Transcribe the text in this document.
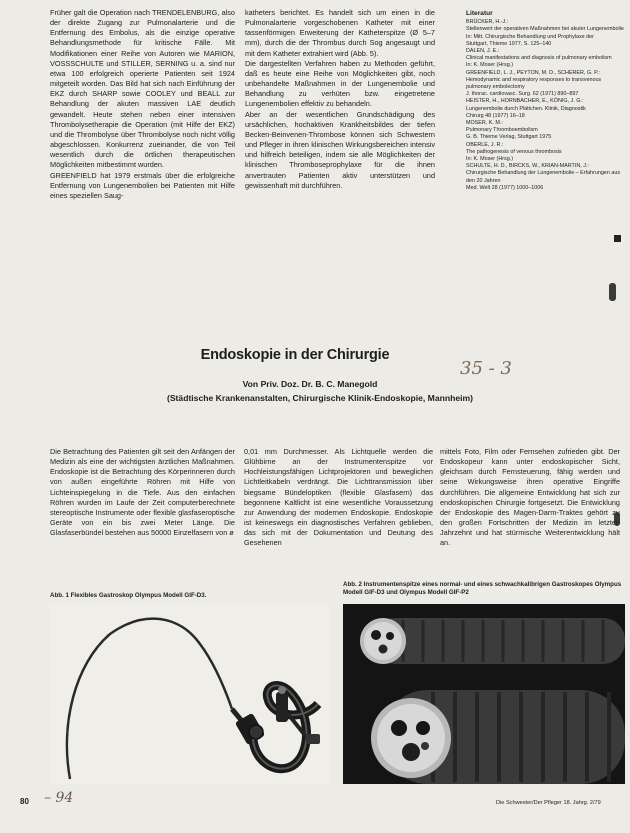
Früher galt die Operation nach TRENDELENBURG, also der direkte Zugang zur Pulmonalarterie und die Entfernung des Embolus, als die einzige operative Behandlungsmethode für kritische Fälle. Mit Modifikationen einer Reihe von Autoren wie MARION, VOSSSCHULTE und STILLER, SERNING u. a. sind nur etwa 100 erfolgreich operierte Patienten seit 1924 mitgeteilt worden. Das Bild hat sich nach Einführung der EKZ durch SHARP sowie COOLEY und BEALL zur Behandlung der akuten massiven LAE deutlich gewandelt. Heute stehen neben einer intensiven Thrombolysetherapie die Operation (mit Hilfe der EKZ) und die Thrombolyse über Thrombolyse noch nicht völlig abgeschlossen. Konkurrenz zueinander, die von Teil wesentlich durch die örtlichen therapeutischen Möglichkeiten mitbestimmt wurden.

GREENFIELD hat 1979 erstmals über die erfolgreiche Entfernung von Lungenembolien bei Patienten mit Hilfe eines speziellen Saug-

katheters berichtet. Es handelt sich um einen in die Pulmonalarterie vorgeschobenen Katheter mit einer tassenförmigen Erweiterung der Katheterspitze (Ø 5–7 mm), durch die der Thrombus durch Sog angesaugt und mit dem Katheter extrahiert wird (Abb. 5).

Die dargestellten Verfahren haben zu Methoden geführt, daß es heute eine Reihe von Möglichkeiten gibt, noch unbehandelte Maßnahmen in der Lungenembolie und Behandlung zu verhüten bzw. eingetretene Lungenembolien effektiv zu behandeln.

Aber an der wesentlichen Grundschädigung des ursächlichen, hochaktiven Krankheitsbildes der tiefen Becken-Beinvenen-Thrombose können sich Schwestern und Pfleger in ihren klinischen Wirkungsbereichen intensiv und hilfreich beteiligen, indem sie alle Möglichkeiten der klinischen Thromboseprophylaxe für die ihnen anvertrauten Patienten aktiv unterstützen und gewissenhaft mit durchführen.

Literatur

BRÜCKER, H.-J.:

Stellenwert der operativen Maßnahmen bei akuter Lungenembolie

In: Mitt. Chirurgische Behandlung und Prophylaxe der

Stuttgart, Thieme 1977, S. 125–140

DALEN, J. E.:

Clinical manifestations and diagnosis of pulmonary embolism

In: K. Moser (Hrsg.)

GREENFIELD, L. J., PEYTON, M. D., SCHERER, G. P.:

Hemodynamic and respiratory responses to transvenous pulmonary embolectomy

J. thorac. cardiovasc. Surg. 62 (1971) 890–897

HEISTER, H., HORNBACHER, E., KÖNIG, J. G.:

Lungenembolie durch Plättchen. Klinik, Diagnostik

Chirurg 48 (1977) 16–18

MOSER, K. M.:

Pulmonary Thromboembolism

G. B. Thieme Verlag, Stuttgart 1975

OBERLE, J. R.:

The pathogenesis of venous thrombosis

In: K. Moser (Hrsg.)

SCHULTE, H. D., BIRCKS, W., KRIAN-MARTIN, J.:

Chirurgische Behandlung der Lungenembolie – Erfahrungen aus den 20 Jahren

Med. Welt 28 (1977) 1000–1006

Endoskopie in der Chirurgie
35 - 3
Von Priv. Doz. Dr. B. C. Manegold
(Städtische Krankenanstalten, Chirurgische Klinik-Endoskopie, Mannheim)

Die Betrachtung des Patienten gilt seit den Anfängen der Medizin als eine der wichtigsten ärztlichen Maßnahmen. Endoskopie ist die Betrachtung des Körperinneren durch von außen eingeführte Röhren mit Hilfe von Lichteinspiegelung in die Tiefe. Aus den einfachen Röhren wurden im Laufe der Zeit computerberechnete stereoptische Instrumente oder flexible glasfaseroptische Geräte von ein bis zwei Meter Länge. Die Glasfaserbündel bestehen aus 50000 Einzelfasern von ø

0,01 mm Durchmesser. Als Lichtquelle werden die Glühbirne an der Instrumentenspitze vor Hochleistungsfähigen Lichtprojektoren und beweglichen Lichtleitkabeln verdrängt. Die Lichttransmission über biegsame Bündeloptiken (flexible Glasfasern) das begonnene Kaltlicht ist eine wesentliche Voraussetzung zur Anwendung der modernen Endoskopie. Endoskopie ist keineswegs ein diagnostisches Verfahren geblieben, das sich mit der Dokumentation und Deutung des Gesehenen

mittels Foto, Film oder Fernsehen zufrieden gibt. Der Endoskopeur kann unter endoskopischer Sicht, gleichsam durch Fernsteuerung, fähig werden und seine Wirkungsweise ihren operative Eingriffe durchführen. Die allgemeine Entwicklung hat sich zur endoskopischen Chirurgie fortgesetzt. Die Entwicklung der Endoskopie des Magen-Darm-Traktes gehört zu den großen Fortschritten der Medizin im letzten Jahrzehnt und hat stürmische Weiterentwicklung hält an.

Abb. 1 Flexibles Gastroskop Olympus Modell GIF-D3.
Abb. 2 Instrumentenspitze eines normal- und eines schwachkalibrigen Gastroskopes Olympus Modell GIF-D3 und Olympus Modell GIF-P2
80 – 94	Die Schwester/Der Pfleger 18. Jahrg. 2/79
